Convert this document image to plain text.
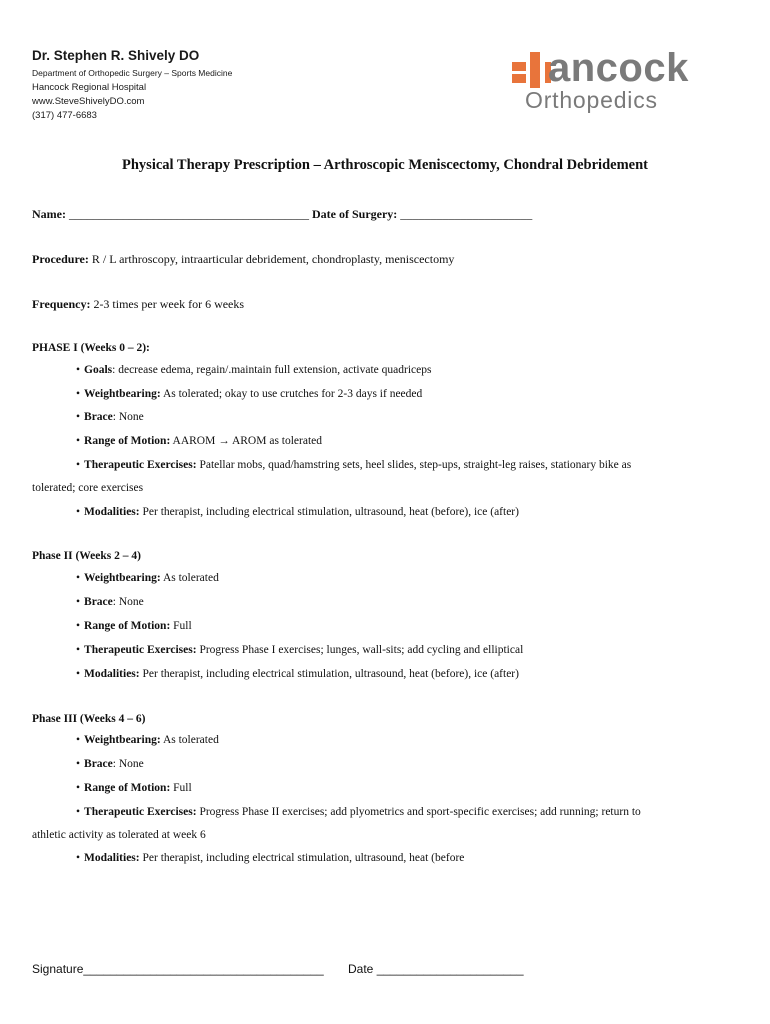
Dr. Stephen R. Shively DO
Department of Orthopedic Surgery – Sports Medicine
Hancock Regional Hospital
www.SteveShivelyDO.com
(317) 477-6683
ancock
Orthopedics
Physical Therapy Prescription – Arthroscopic Meniscectomy, Chondral Debridement
Name: ________________________________________ Date of Surgery: ______________________
Procedure: R / L arthroscopy, intraarticular debridement, chondroplasty, meniscectomy
Frequency: 2-3 times per week for 6 weeks
PHASE I (Weeks 0 – 2):
• Goals: decrease edema, regain/.maintain full extension, activate quadriceps
• Weightbearing: As tolerated; okay to use crutches for 2-3 days if needed
• Brace: None
• Range of Motion: AAROM → AROM as tolerated
• Therapeutic Exercises: Patellar mobs, quad/hamstring sets, heel slides, step-ups, straight-leg raises, stationary bike as
tolerated; core exercises
• Modalities: Per therapist, including electrical stimulation, ultrasound, heat (before), ice (after)
Phase II (Weeks 2 – 4)
• Weightbearing: As tolerated
• Brace: None
• Range of Motion: Full
• Therapeutic Exercises: Progress Phase I exercises; lunges, wall-sits; add cycling and elliptical
• Modalities: Per therapist, including electrical stimulation, ultrasound, heat (before), ice (after)
Phase III (Weeks 4 – 6)
• Weightbearing: As tolerated
• Brace: None
• Range of Motion: Full
• Therapeutic Exercises: Progress Phase II exercises; add plyometrics and sport-specific exercises; add running; return to
athletic activity as tolerated at week 6
• Modalities: Per therapist, including electrical stimulation, ultrasound, heat (before
Signature____________________________________ Date ______________________
